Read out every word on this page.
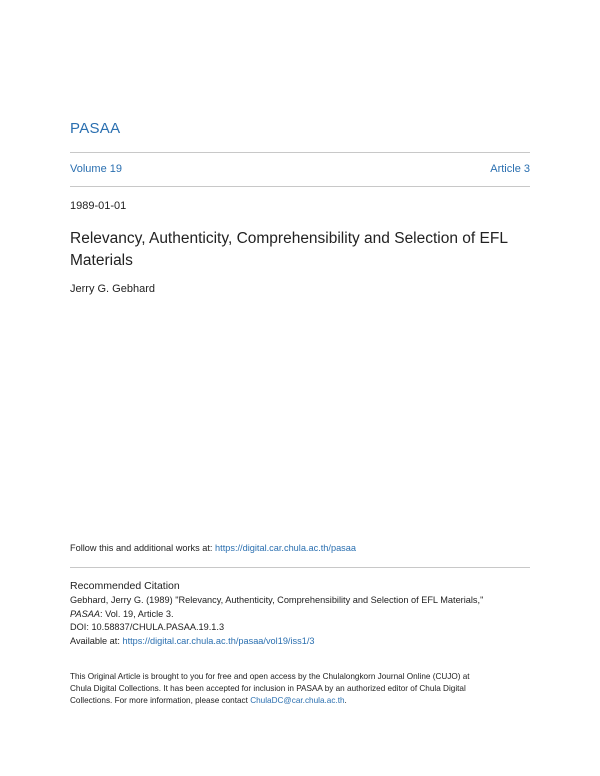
PASAA
Volume 19	Article 3
1989-01-01
Relevancy, Authenticity, Comprehensibility and Selection of EFL Materials
Jerry G. Gebhard
Follow this and additional works at: https://digital.car.chula.ac.th/pasaa
Recommended Citation
Gebhard, Jerry G. (1989) "Relevancy, Authenticity, Comprehensibility and Selection of EFL Materials,"
PASAA: Vol. 19, Article 3.
DOI: 10.58837/CHULA.PASAA.19.1.3
Available at: https://digital.car.chula.ac.th/pasaa/vol19/iss1/3
This Original Article is brought to you for free and open access by the Chulalongkorn Journal Online (CUJO) at
Chula Digital Collections. It has been accepted for inclusion in PASAA by an authorized editor of Chula Digital
Collections. For more information, please contact ChulaDC@car.chula.ac.th.
